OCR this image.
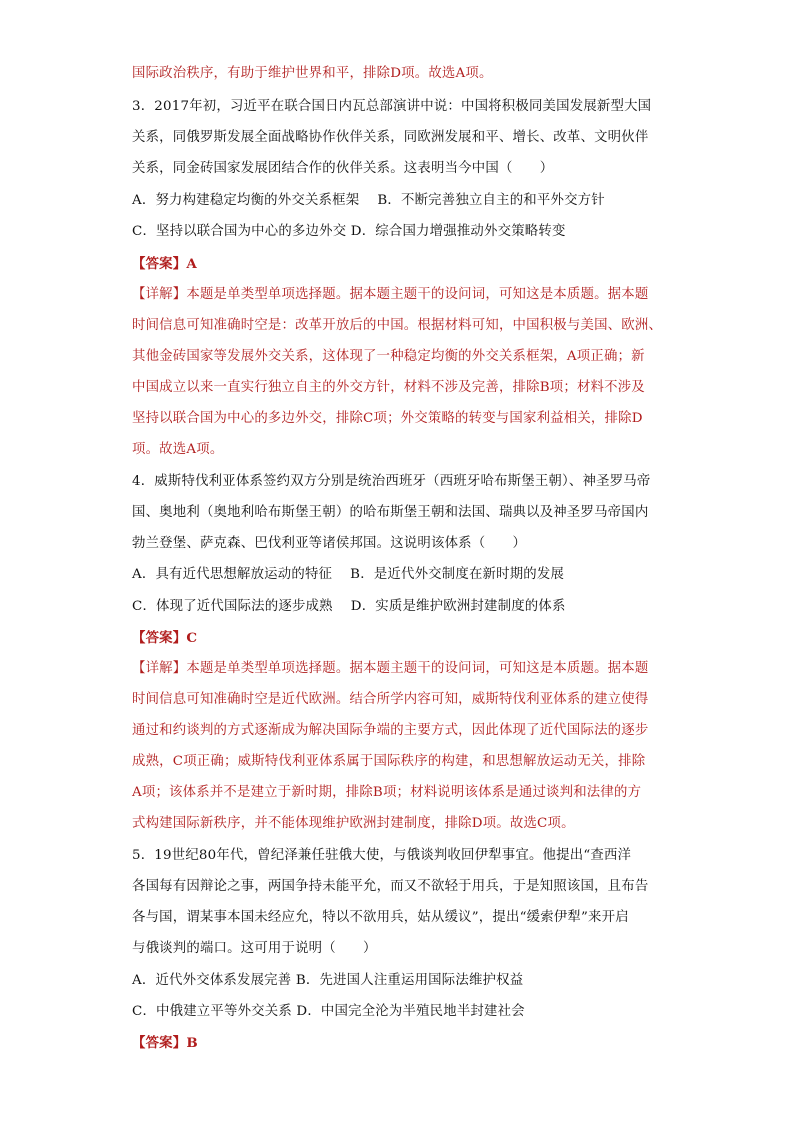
国际政治秩序，有助于维护世界和平，排除D项。故选A项。
3．2017年初，习近平在联合国日内瓦总部演讲中说：中国将积极同美国发展新型大国
关系，同俄罗斯发展全面战略协作伙伴关系，同欧洲发展和平、增长、改革、文明伙伴
关系，同金砖国家发展团结合作的伙伴关系。这表明当今中国（　　）
A．努力构建稳定均衡的外交关系框架　 B．不断完善独立自主的和平外交方针
C．坚持以联合国为中心的多边外交 D．综合国力增强推动外交策略转变
【答案】A
【详解】本题是单类型单项选择题。据本题主题干的设问词，可知这是本质题。据本题
时间信息可知准确时空是：改革开放后的中国。根据材料可知，中国积极与美国、欧洲、
其他金砖国家等发展外交关系，这体现了一种稳定均衡的外交关系框架，A项正确；新
中国成立以来一直实行独立自主的外交方针，材料不涉及完善，排除B项；材料不涉及
坚持以联合国为中心的多边外交，排除C项；外交策略的转变与国家利益相关，排除D
项。故选A项。
4．威斯特伐利亚体系签约双方分别是统治西班牙（西班牙哈布斯堡王朝）、神圣罗马帝
国、奥地利（奥地利哈布斯堡王朝）的哈布斯堡王朝和法国、瑞典以及神圣罗马帝国内
勃兰登堡、萨克森、巴伐利亚等诸侯邦国。这说明该体系（　　）
A．具有近代思想解放运动的特征　 B．是近代外交制度在新时期的发展
C．体现了近代国际法的逐步成熟　 D．实质是维护欧洲封建制度的体系
【答案】C
【详解】本题是单类型单项选择题。据本题主题干的设问词，可知这是本质题。据本题
时间信息可知准确时空是近代欧洲。结合所学内容可知，威斯特伐利亚体系的建立使得
通过和约谈判的方式逐渐成为解决国际争端的主要方式，因此体现了近代国际法的逐步
成熟，C项正确；威斯特伐利亚体系属于国际秩序的构建，和思想解放运动无关，排除
A项；该体系并不是建立于新时期，排除B项；材料说明该体系是通过谈判和法律的方
式构建国际新秩序，并不能体现维护欧洲封建制度，排除D项。故选C项。
5．19世纪80年代，曾纪泽兼任驻俄大使，与俄谈判收回伊犁事宜。他提出“查西洋
各国每有因辩论之事，两国争持未能平允，而又不欲轻于用兵，于是知照该国，且布告
各与国，谓某事本国未经应允，特以不欲用兵，姑从缓议”，提出“缓索伊犁”来开启
与俄谈判的端口。这可用于说明（　　）
A．近代外交体系发展完善 B．先进国人注重运用国际法维护权益
C．中俄建立平等外交关系 D．中国完全沦为半殖民地半封建社会
【答案】B
